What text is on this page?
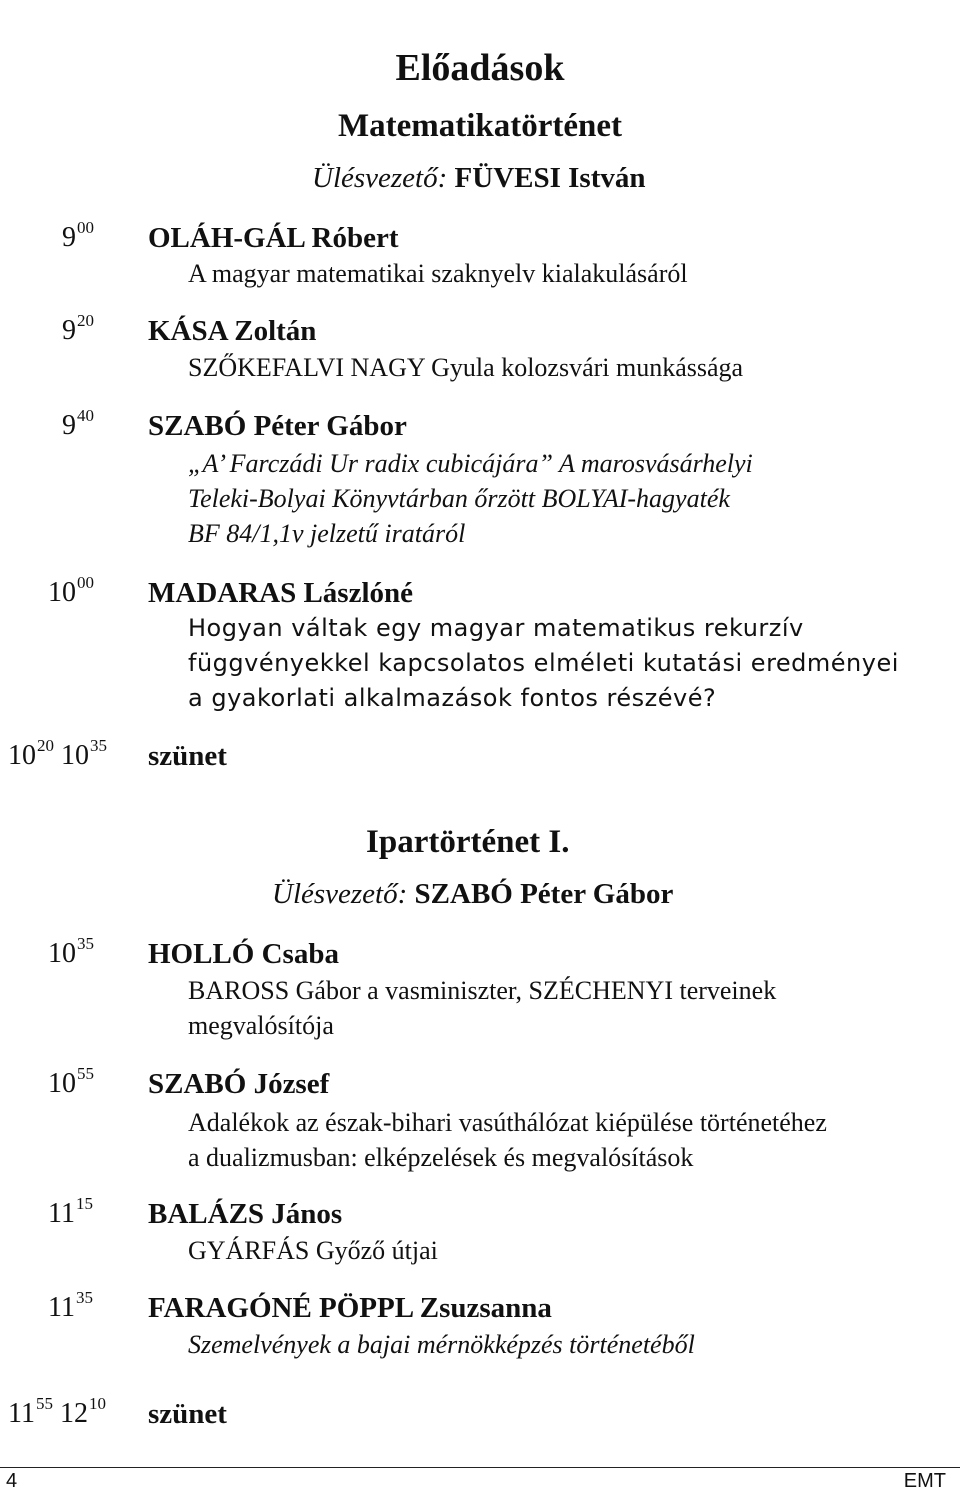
Előadások
Matematikatörténet
Ülésvezető: FÜVESI István
$9^{00}$ OLÁH-GÁL Róbert
A magyar matematikai szaknyelv kialakulásáról
$9^{20}$ KÁSA Zoltán
SZŐKEFALVI NAGY Gyula kolozsvári munkássága
$9^{40}$ SZABÓ Péter Gábor
„A’ Farczádi Ur radix cubicájára” A marosvásárhelyi
Teleki-Bolyai Könyvtárban őrzött BOLYAI-hagyaték
BF 84/1,1v jelzetű iratáról
$10^{00}$ MADARAS Lászlóné
Hogyan váltak egy magyar matematikus rekurzív
függvényekkel kapcsolatos elméleti kutatási eredményei
a gyakorlati alkalmazások fontos részévé?
$10^{20}$ $10^{35}$ szünet
Ipartörténet I.
Ülésvezető: SZABÓ Péter Gábor
$10^{35}$ HOLLÓ Csaba
BAROSS Gábor a vasminiszter, SZÉCHENYI terveinek
megvalósítója
$10^{55}$ SZABÓ József
Adalékok az észak-bihari vasúthálózat kiépülése történetéhez
a dualizmusban: elképzelések és megvalósítások
$11^{15}$ BALÁZS János
GYÁRFÁS Győző útjai
$11^{35}$ FARAGÓNÉ PÖPPL Zsuzsanna
Szemelvények a bajai mérnökképzés történetéből
$11^{55}$ $12^{10}$ szünet
4	EMT
